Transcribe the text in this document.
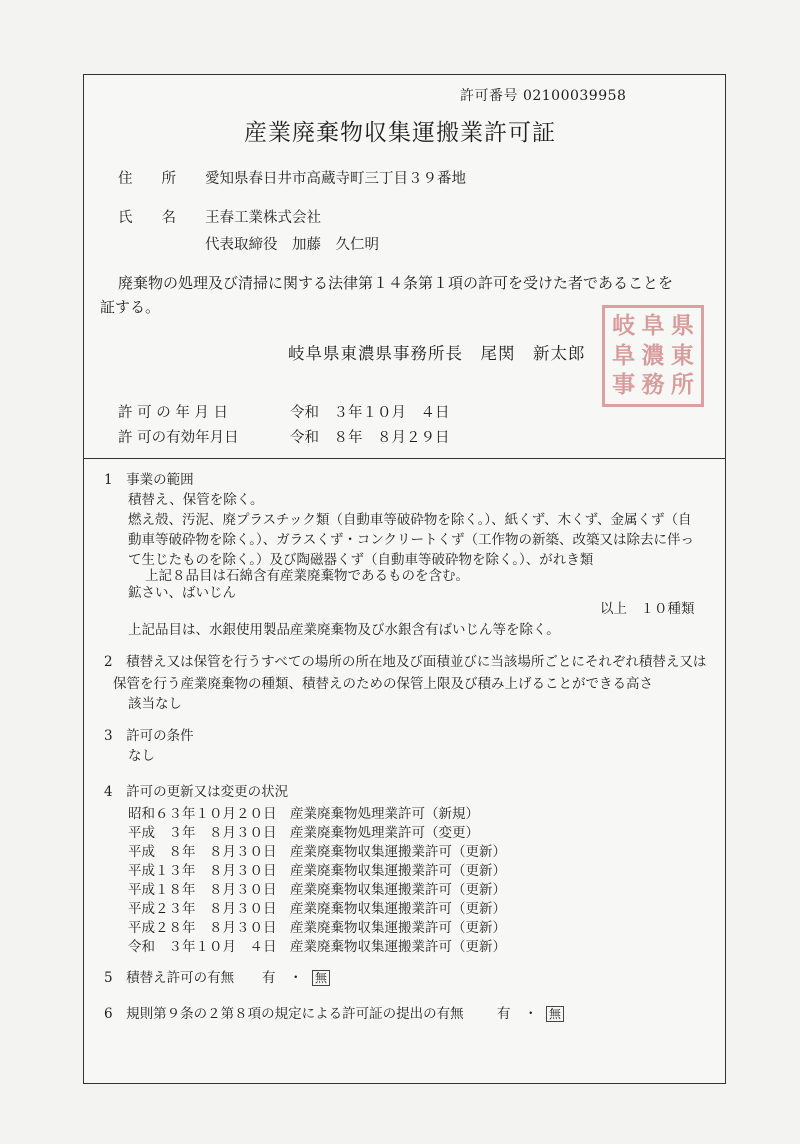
許可番号 02100039958
産業廃棄物収集運搬業許可証
住　　所 愛知県春日井市高蔵寺町三丁目３９番地
氏　　名 王春工業株式会社
代表取締役　加藤　久仁明
廃棄物の処理及び清掃に関する法律第１４条第１項の許可を受けた者であることを
証する。
岐阜県東濃県事務所長　尾関　新太郎
岐 阜 県
阜 濃 東
事 務 所
許 可 の 年 月 日	令和　３年１０月　４日
許 可の有効年月日	令和　８年　８月２９日
1　事業の範囲
積替え、保管を除く。
燃え殻、汚泥、廃プラスチック類（自動車等破砕物を除く。）、紙くず、木くず、金属くず（自
動車等破砕物を除く。）、ガラスくず・コンクリートくず（工作物の新築、改築又は除去に伴っ
て生じたものを除く。）及び陶磁器くず（自動車等破砕物を除く。）、がれき類
上記８品目は石綿含有産業廃棄物であるものを含む。
鉱さい、ばいじん
以上　１０種類
上記品目は、水銀使用製品産業廃棄物及び水銀含有ばいじん等を除く。
2　積替え又は保管を行うすべての場所の所在地及び面積並びに当該場所ごとにそれぞれ積替え又は
保管を行う産業廃棄物の種類、積替えのための保管上限及び積み上げることができる高さ
該当なし
3　許可の条件
なし
4　許可の更新又は変更の状況
昭和６３年１０月２０日 産業廃棄物処理業許可（新規）
平成　３年　８月３０日 産業廃棄物処理業許可（変更）
平成　８年　８月３０日 産業廃棄物収集運搬業許可（更新）
平成１３年　８月３０日 産業廃棄物収集運搬業許可（更新）
平成１８年　８月３０日 産業廃棄物収集運搬業許可（更新）
平成２３年　８月３０日 産業廃棄物収集運搬業許可（更新）
平成２８年　８月３０日 産業廃棄物収集運搬業許可（更新）
令和　３年１０月　４日 産業廃棄物収集運搬業許可（更新）
5　積替え許可の有無 有　・ 無
6　規則第９条の２第８項の規定による許可証の提出の有無 有　・ 無
